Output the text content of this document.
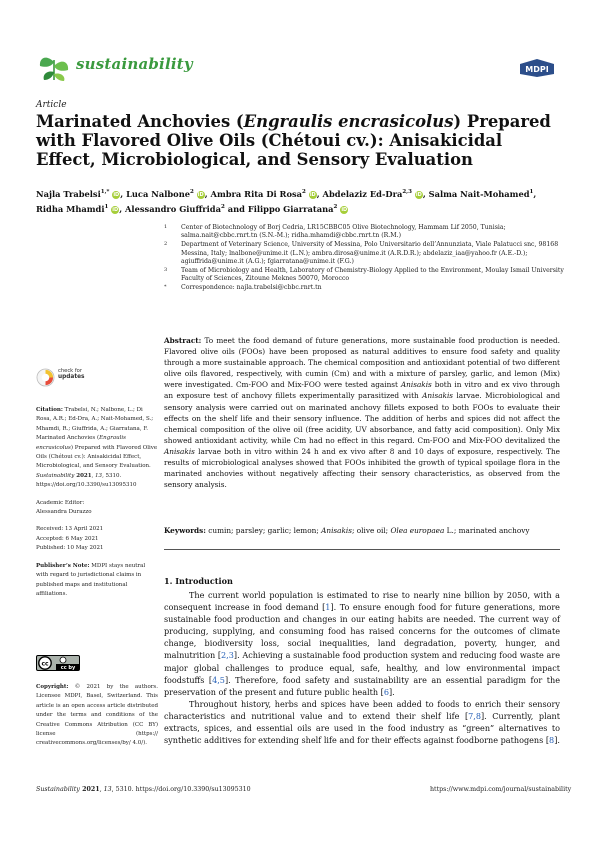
sustainability	MDPI
Article
Marinated Anchovies (Engraulis encrasicolus) Prepared with Flavored Olive Oils (Chétoui cv.): Anisakicidal Effect, Microbiological, and Sensory Evaluation
Najla Trabelsi$^{1,*}$ iD, Luca Nalbone$^2$ iD, Ambra Rita Di Rosa$^2$ iD, Abdelaziz Ed-Dra$^{2,3}$ iD, Salma Nait-Mohamed$^1$, Ridha Mhamdi$^1$ iD, Alessandro Giuffrida$^2$ and Filippo Giarratana$^2$ iD
1 Center of Biotechnology of Borj Cedria, LR15CBBC05 Olive Biotechnology, Hammam Lif 2050, Tunisia; salma.nait@cbbc.rnrt.tn (S.N.-M.); ridha.mhamdi@cbbc.rnrt.tn (R.M.)
2 Department of Veterinary Science, University of Messina, Polo Universitario dell’Annunziata, Viale Palatucci snc, 98168 Messina, Italy; lnalbone@unime.it (L.N.); ambra.dirosa@unime.it (A.R.D.R.); abdelaziz_iaa@yahoo.fr (A.E.-D.); agiuffrida@unime.it (A.G.); fgiarratana@unime.it (F.G.)
3 Team of Microbiology and Health, Laboratory of Chemistry-Biology Applied to the Environment, Moulay Ismail University Faculty of Sciences, Zitoune Meknes 50070, Morocco
* Correspondence: najla.trabelsi@cbbc.rnrt.tn
Abstract: To meet the food demand of future generations, more sustainable food production is needed. Flavored olive oils (FOOs) have been proposed as natural additives to ensure food safety and quality through a more sustainable approach. The chemical composition and antioxidant potential of two different olive oils flavored, respectively, with cumin (Cm) and with a mixture of parsley, garlic, and lemon (Mix) were investigated. Cm-FOO and Mix-FOO were tested against Anisakis both in vitro and ex vivo through an exposure test of anchovy fillets experimentally parasitized with Anisakis larvae. Microbiological and sensory analysis were carried out on marinated anchovy fillets exposed to both FOOs to evaluate their effects on the shelf life and their sensory influence. The addition of herbs and spices did not affect the chemical composition of the olive oil (free acidity, UV absorbance, and fatty acid composition). Only Mix showed antioxidant activity, while Cm had no effect in this regard. Cm-FOO and Mix-FOO devitalized the Anisakis larvae both in vitro within 24 h and ex vivo after 8 and 10 days of exposure, respectively. The results of microbiological analyses showed that FOOs inhibited the growth of typical spoilage flora in the marinated anchovies without negatively affecting their sensory characteristics, as observed from the sensory analysis.
Keywords: cumin; parsley; garlic; lemon; Anisakis; olive oil; Olea europaea L.; marinated anchovy
1. Introduction

The current world population is estimated to rise to nearly nine billion by 2050, with a consequent increase in food demand [1]. To ensure enough food for future generations, more sustainable food production and changes in our eating habits are needed. The current way of producing, supplying, and consuming food has raised concerns for the outcomes of climate change, biodiversity loss, social inequalities, land degradation, poverty, hunger, and malnutrition [2,3]. Achieving a sustainable food production system and reducing food waste are major global challenges to produce equal, safe, healthy, and low environmental impact foodstuffs [4,5]. Therefore, food safety and sustainability are an essential paradigm for the preservation of the present and future public health [6].

Throughout history, herbs and spices have been added to foods to enrich their sensory characteristics and nutritional value and to extend their shelf life [7,8]. Currently, plant extracts, spices, and essential oils are used in the food industry as “green” alternatives to synthetic additives for extending shelf life and for their effects against foodborne pathogens [8].

check for
updates

Citation: Trabelsi, N.; Nalbone, L.; Di Rosa, A.R.; Ed-Dra, A.; Nait-Mohamed, S.; Mhamdi, R.; Giuffrida, A.; Giarratana, F. Marinated Anchovies (Engraulis encrasicolus) Prepared with Flavored Olive Oils (Chétoui cv.): Anisakicidal Effect, Microbiological, and Sensory Evaluation. Sustainability 2021, 13, 5310. https://doi.org/10.3390/su13095310

Academic Editor:
Alessandra Durazzo

Received: 13 April 2021
Accepted: 6 May 2021
Published: 10 May 2021

Publisher’s Note: MDPI stays neutral with regard to jurisdictional claims in published maps and institutional affiliations.

cc
cc by
Copyright: © 2021 by the authors. Licensee MDPI, Basel, Switzerland. This article is an open access article distributed under the terms and conditions of the Creative Commons Attribution (CC BY) license (https:// creativecommons.org/licenses/by/ 4.0/).
Sustainability 2021, 13, 5310. https://doi.org/10.3390/su13095310	https://www.mdpi.com/journal/sustainability
